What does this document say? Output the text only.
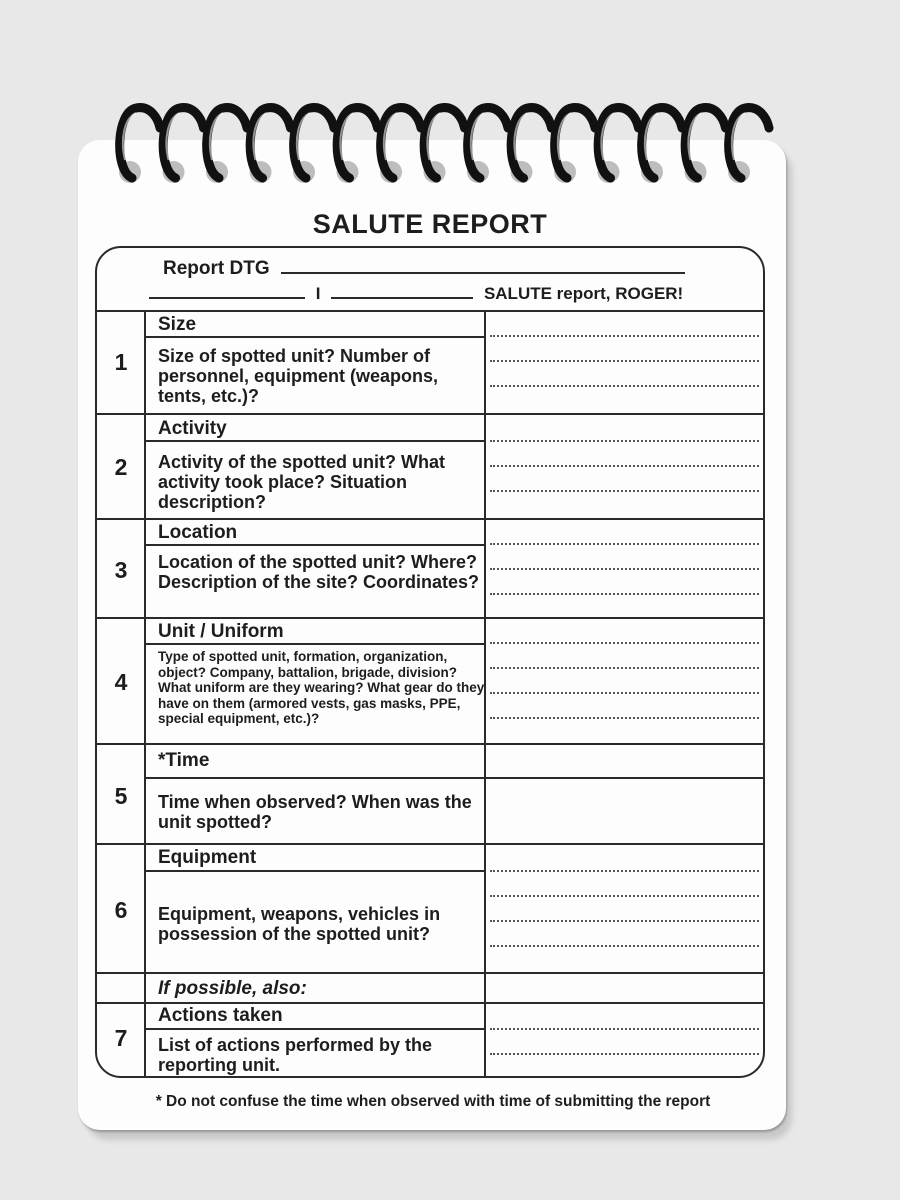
SALUTE REPORT
Report DTG
I	SALUTE report, ROGER!
1
Size
Size of spotted unit? Number of personnel, equipment (weapons, tents, etc.)?
2
Activity
Activity of the spotted unit? What activity took place? Situation description?
3
Location
Location of the spotted unit? Where? Description of the site? Coordinates?
4
Unit / Uniform
Type of spotted unit, formation, organization, object? Company, battalion, brigade, division? What uniform are they wearing? What gear do they have on them (armored vests, gas masks, PPE, special equipment, etc.)?
5
*Time
Time when observed? When was the unit spotted?
6
Equipment
Equipment, weapons, vehicles in possession of the spotted unit?
If possible, also:
7
Actions taken
List of actions performed by the reporting unit.
* Do not confuse the time when observed with time of submitting the report
